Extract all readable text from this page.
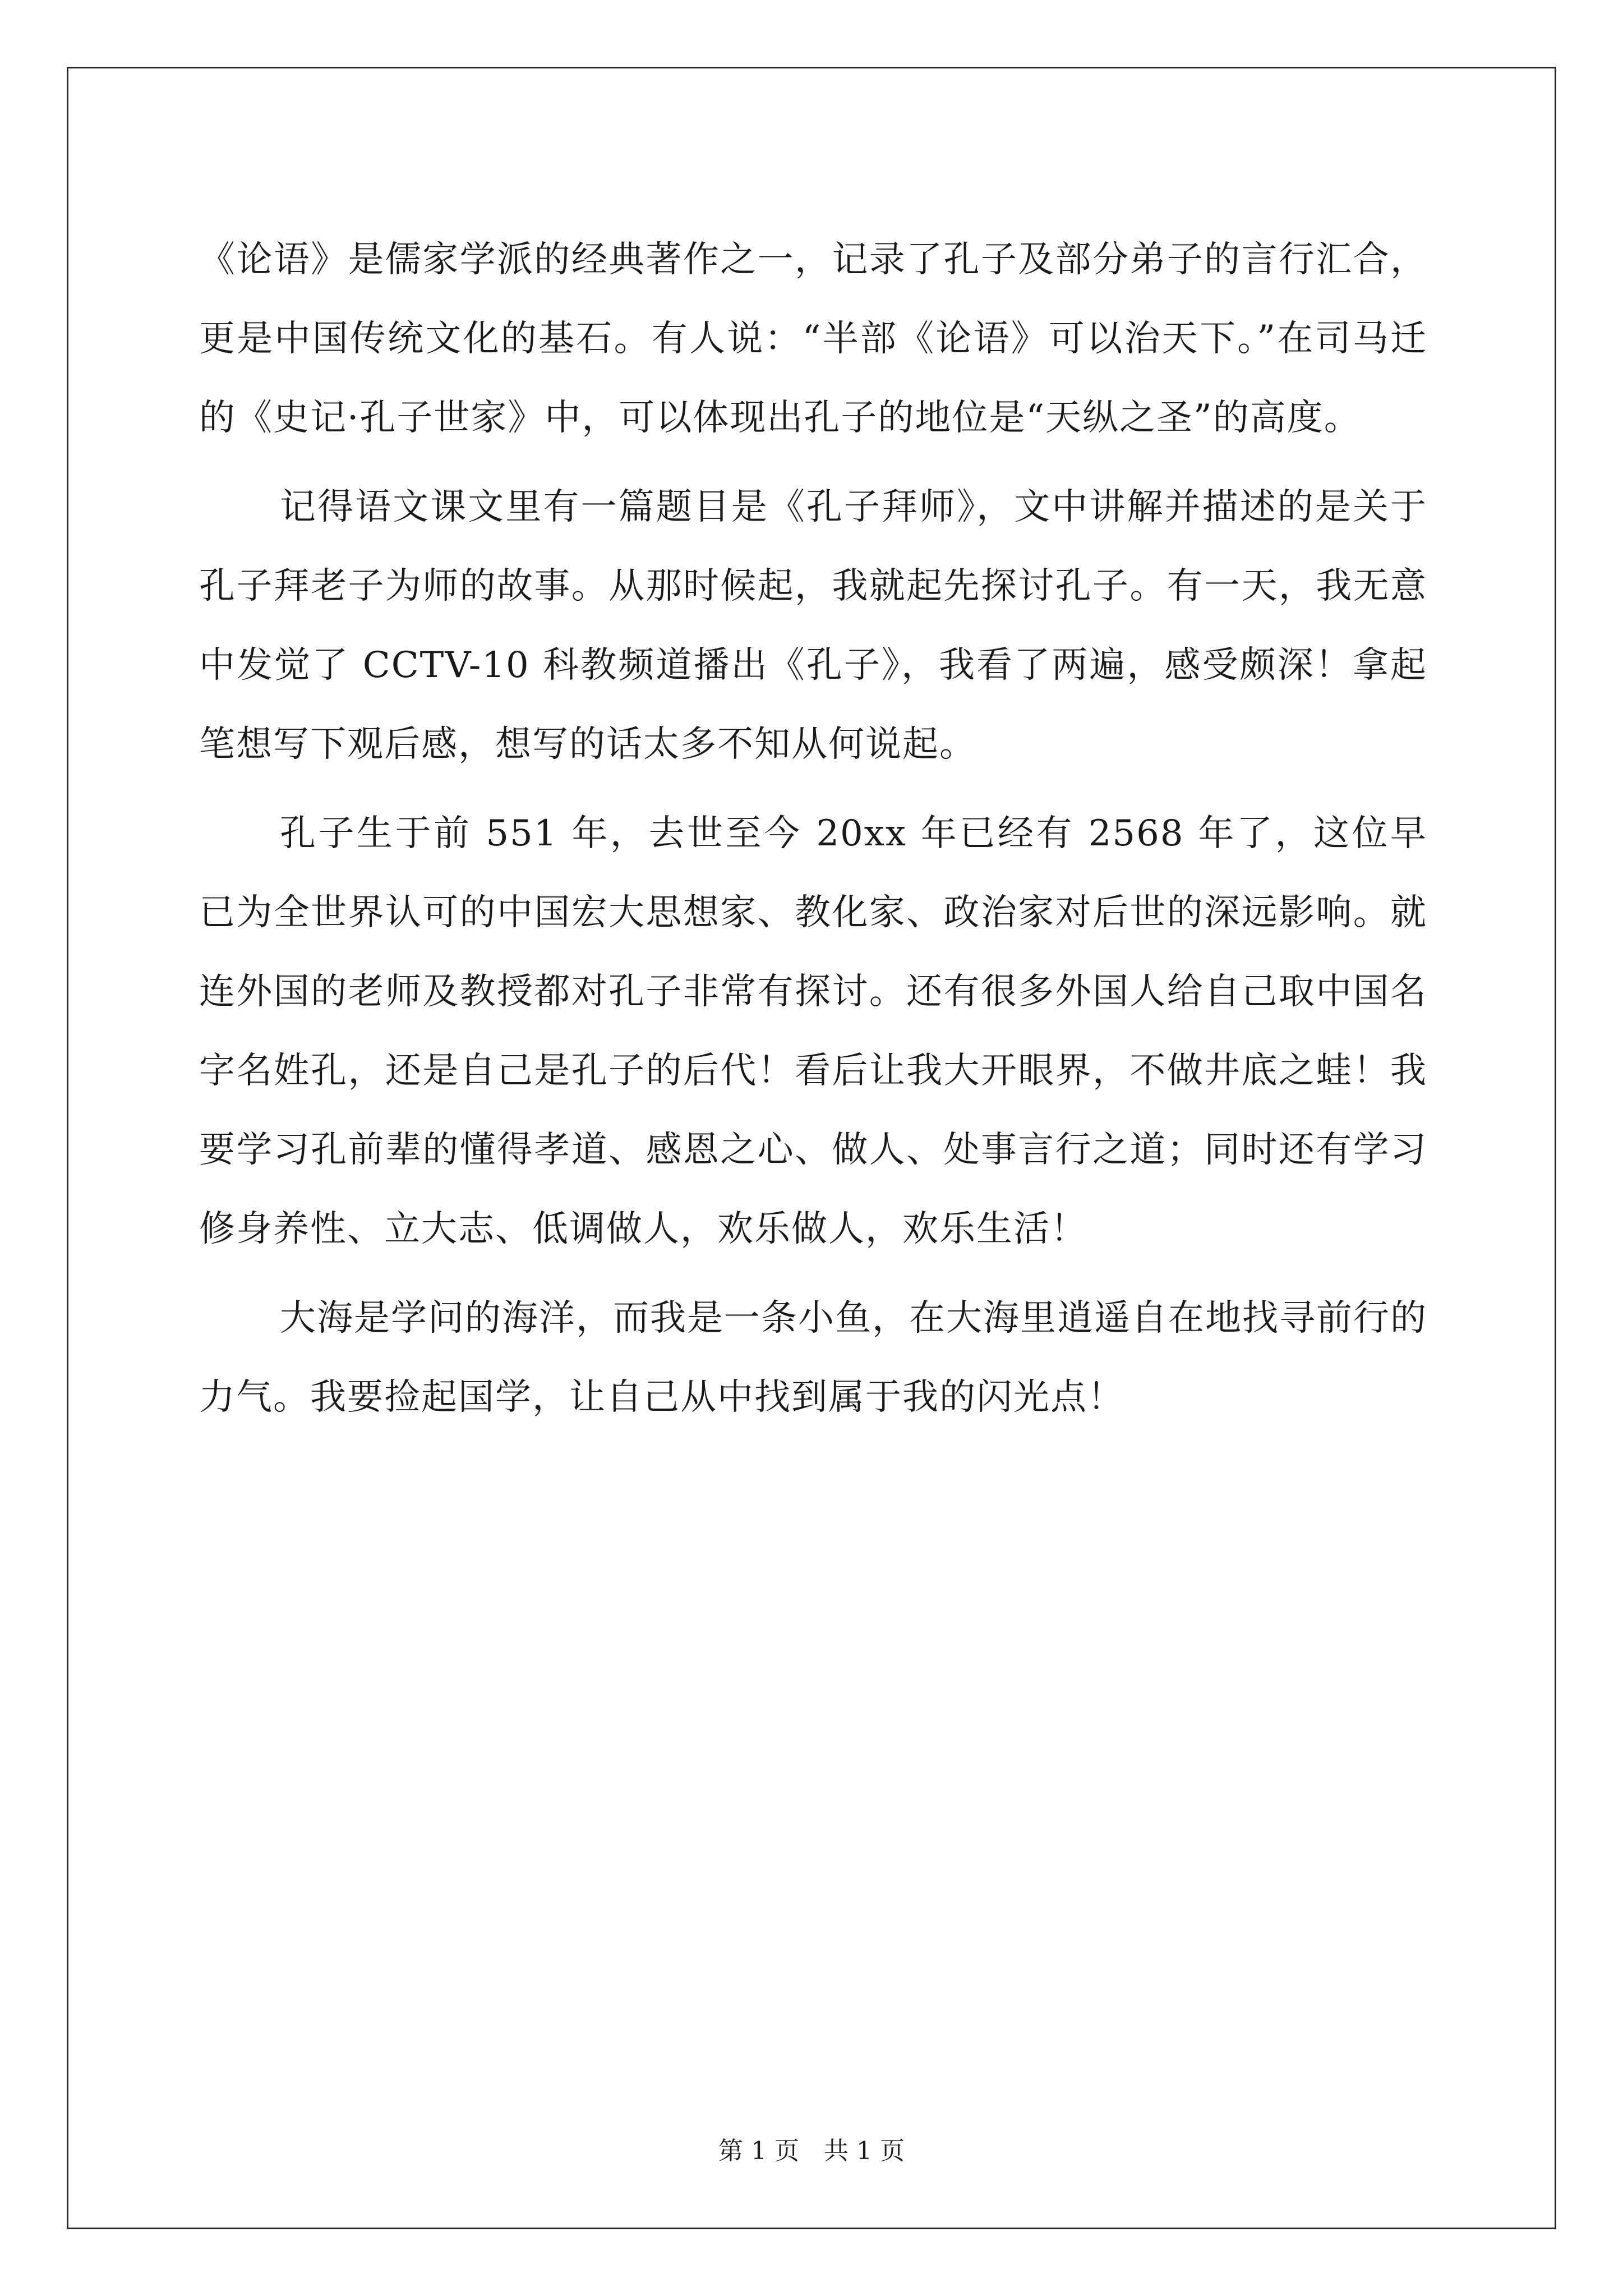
《论语》是儒家学派的经典著作之一，记录了孔子及部分弟子的言行汇合，更是中国传统文化的基石。有人说：“半部《论语》可以治天下。”在司马迁的《史记·孔子世家》中，可以体现出孔子的地位是“天纵之圣”的高度。

记得语文课文里有一篇题目是《孔子拜师》，文中讲解并描述的是关于孔子拜老子为师的故事。从那时候起，我就起先探讨孔子。有一天，我无意中发觉了 CCTV-10 科教频道播出《孔子》，我看了两遍，感受颇深！拿起笔想写下观后感，想写的话太多不知从何说起。

孔子生于前 551 年，去世至今 20xx 年已经有 2568 年了，这位早已为全世界认可的中国宏大思想家、教化家、政治家对后世的深远影响。就连外国的老师及教授都对孔子非常有探讨。还有很多外国人给自己取中国名字名姓孔，还是自己是孔子的后代！看后让我大开眼界，不做井底之蛙！我要学习孔前辈的懂得孝道、感恩之心、做人、处事言行之道；同时还有学习修身养性、立大志、低调做人，欢乐做人，欢乐生活！

大海是学问的海洋，而我是一条小鱼，在大海里逍遥自在地找寻前行的力气。我要捡起国学，让自己从中找到属于我的闪光点！

第 1 页 共 1 页
